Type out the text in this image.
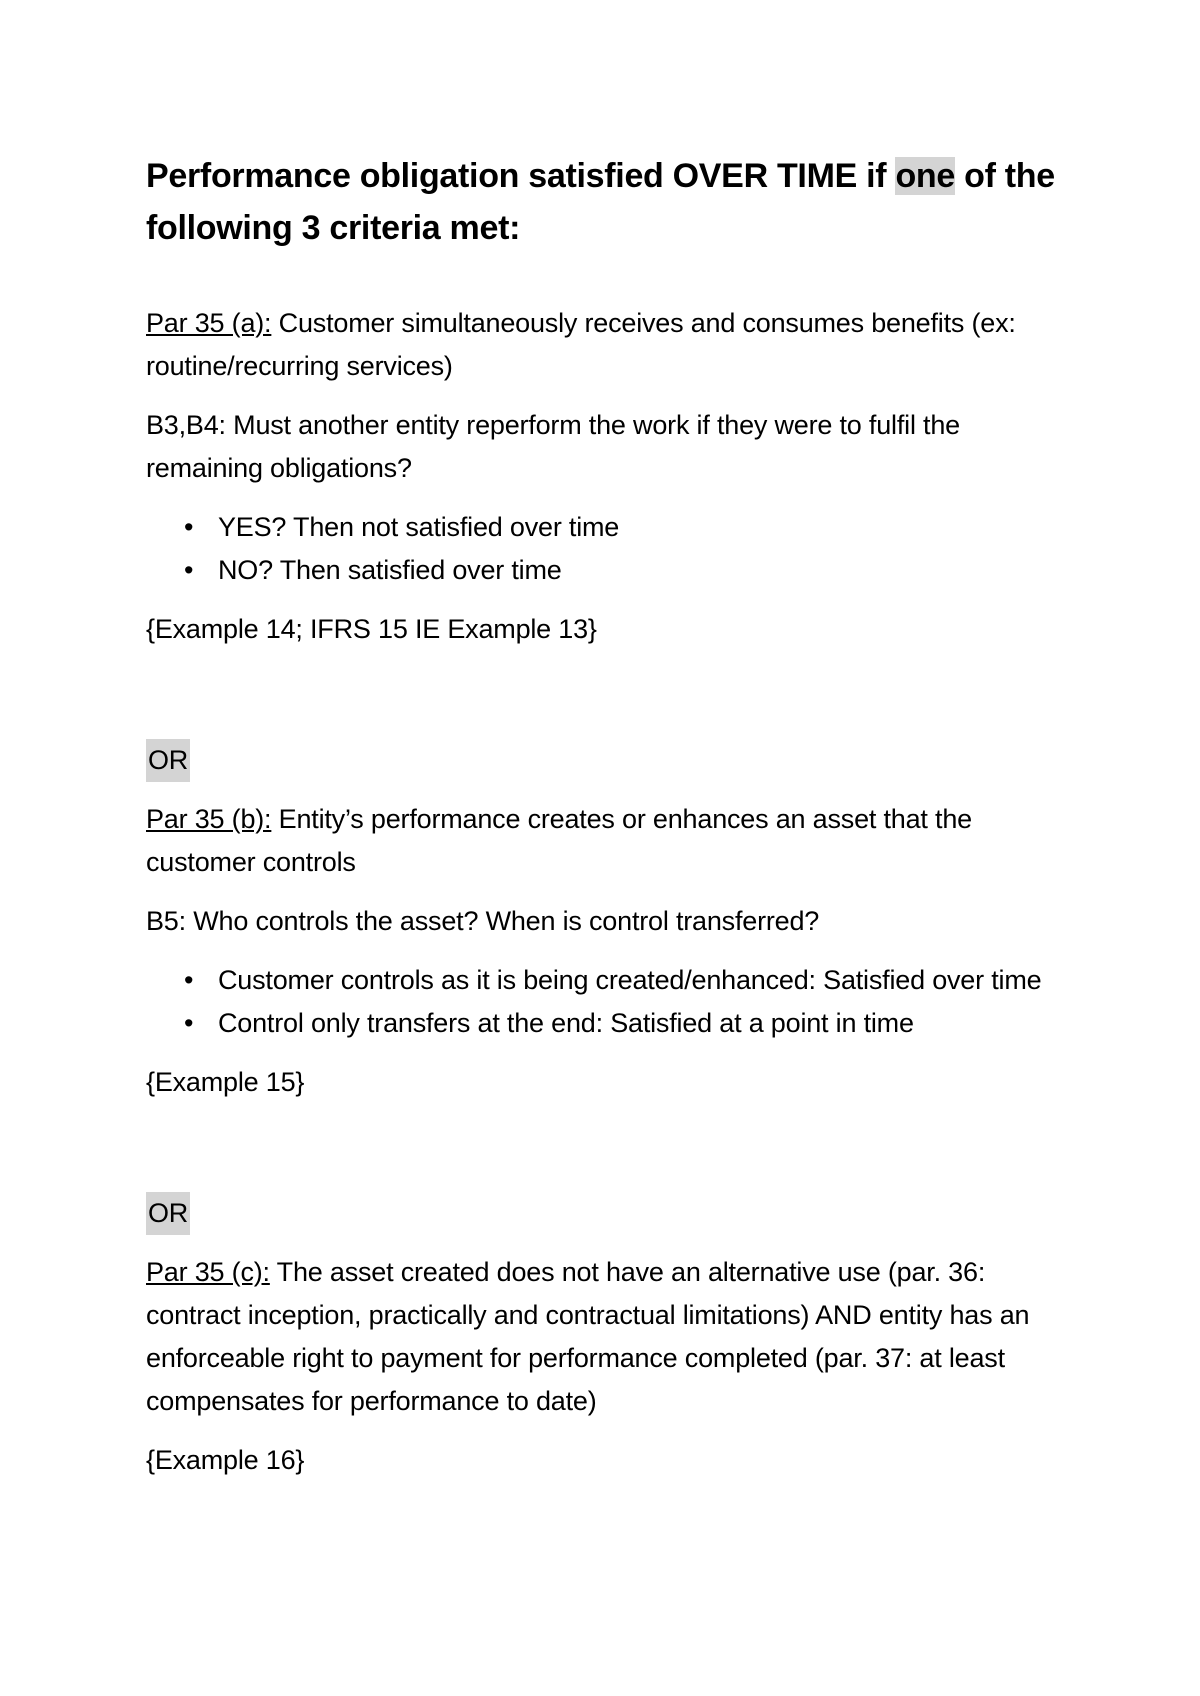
Performance obligation satisfied OVER TIME if one of the following 3 criteria met:

Par 35 (a): Customer simultaneously receives and consumes benefits (ex: routine/recurring services)

B3,B4: Must another entity reperform the work if they were to fulfil the remaining obligations?

• YES? Then not satisfied over time
• NO? Then satisfied over time

{Example 14; IFRS 15 IE Example 13}

OR

Par 35 (b): Entity’s performance creates or enhances an asset that the customer controls

B5: Who controls the asset? When is control transferred?

• Customer controls as it is being created/enhanced: Satisfied over time
• Control only transfers at the end: Satisfied at a point in time

{Example 15}

OR

Par 35 (c): The asset created does not have an alternative use (par. 36: contract inception, practically and contractual limitations) AND entity has an enforceable right to payment for performance completed (par. 37: at least compensates for performance to date)

{Example 16}
